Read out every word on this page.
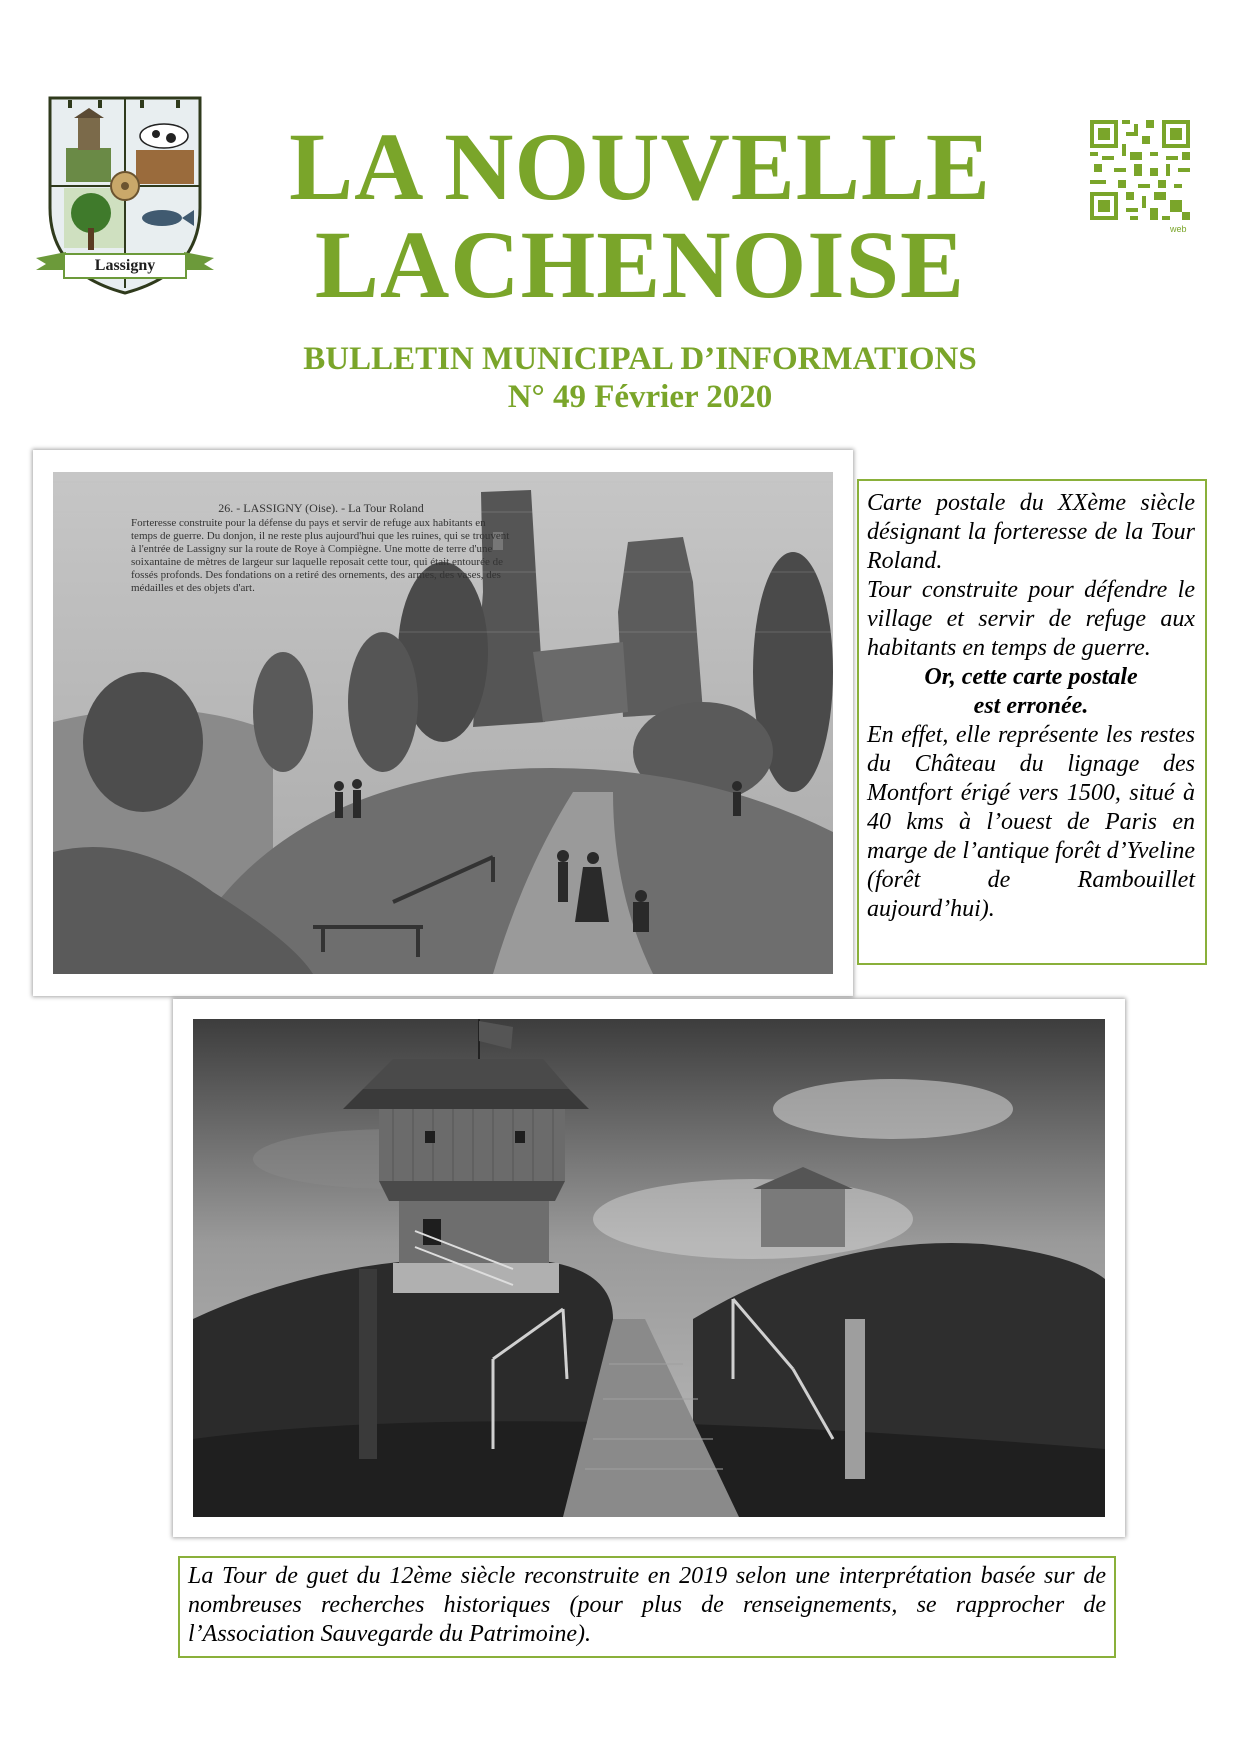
Lassigny
LA NOUVELLE
LACHENOISE
BULLETIN MUNICIPAL D’INFORMATIONS
N° 49 Février 2020
web
26. - LASSIGNY (Oise). - La Tour Roland
Forteresse construite pour la défense du pays et servir de refuge aux habitants en temps de guerre. Du donjon, il ne reste plus aujourd'hui que les ruines, qui se trouvent à l'entrée de Lassigny sur la route de Roye à Compiègne. Une motte de terre d'une soixantaine de mètres de largeur sur laquelle reposait cette tour, qui était entourée de fossés profonds. Des fondations on a retiré des ornements, des armes, des vases, des médailles et des objets d'art.

Carte postale du XXème siècle désignant la forteresse de la Tour Roland.

Tour construite pour défendre le village et servir de refuge aux habitants en temps de guerre.

Or, cette carte postale

est erronée.

En effet, elle représente les restes du Château du lignage des Montfort érigé vers 1500, situé à 40 kms à l’ouest de Paris en marge de l’antique forêt d’Yveline (forêt de Rambouillet aujourd’hui).

La Tour de guet du 12ème siècle reconstruite en 2019 selon une interprétation basée sur de nombreuses recherches historiques (pour plus de renseignements, se rapprocher de l’Association Sauvegarde du Patrimoine).
